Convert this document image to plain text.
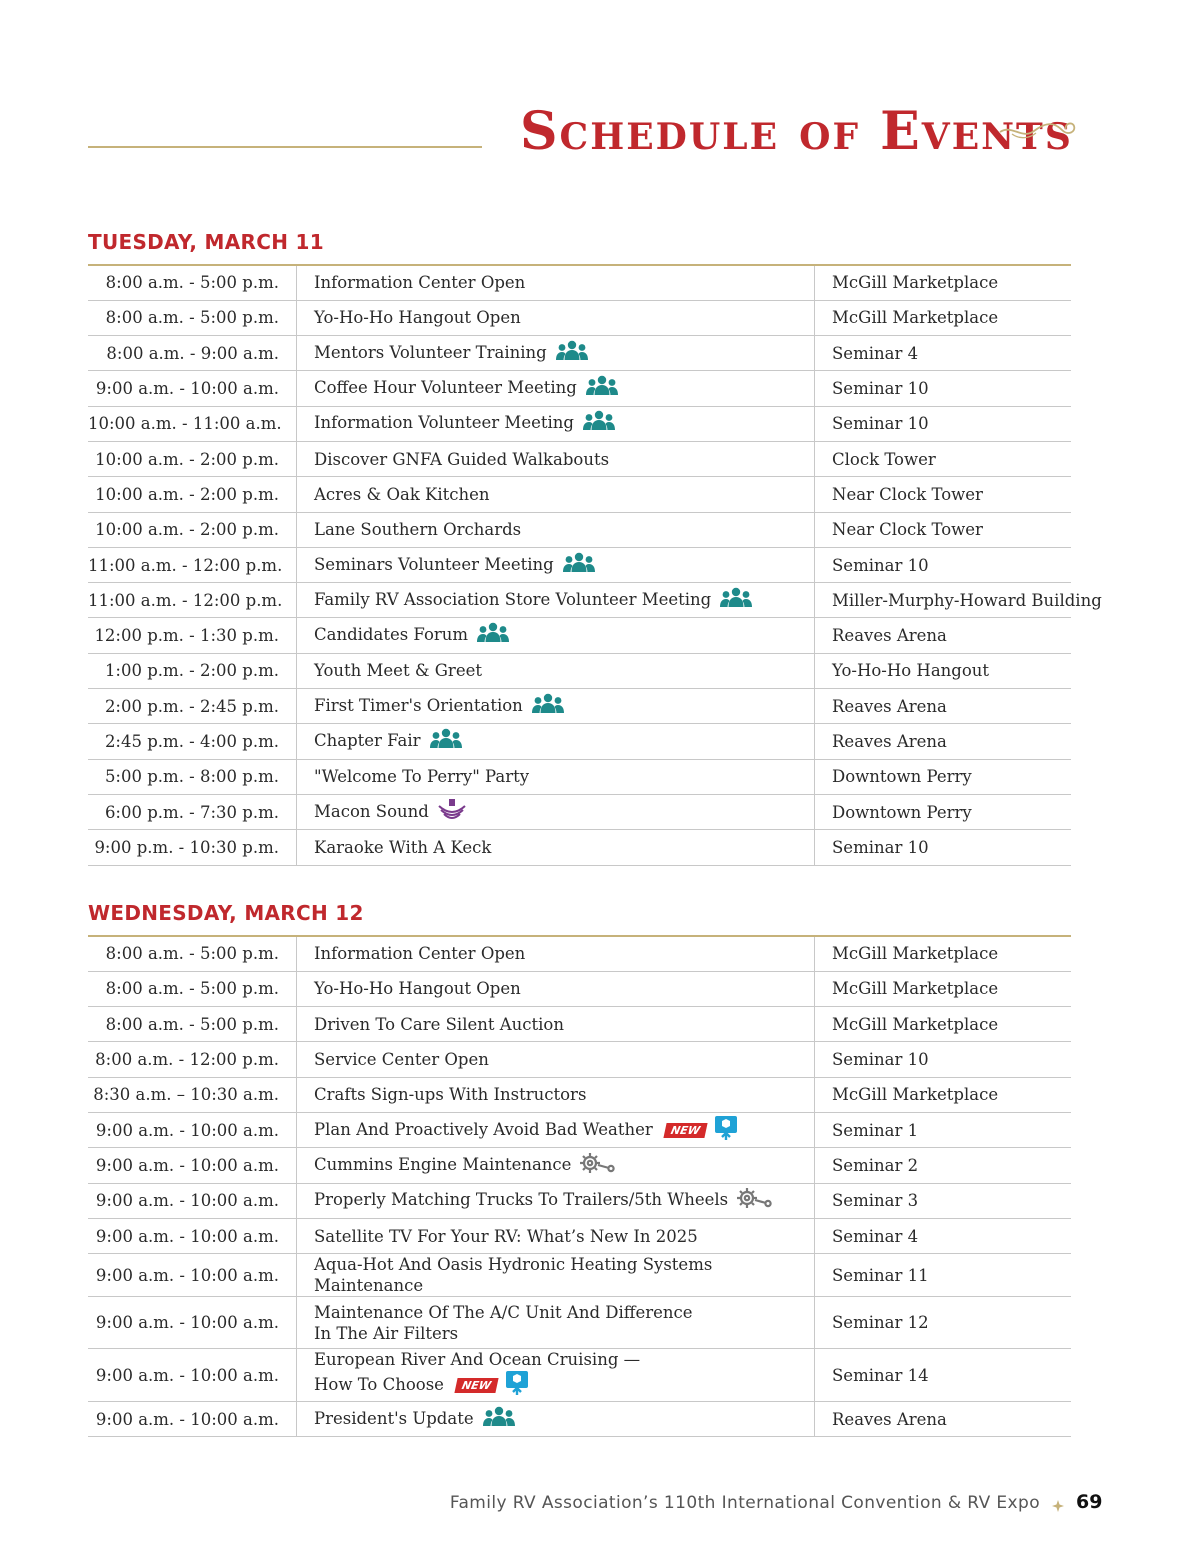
Schedule of Events
TUESDAY, MARCH 11
8:00 a.m. - 5:00 p.m.	Information Center Open	McGill Marketplace
8:00 a.m. - 5:00 p.m.	Yo-Ho-Ho Hangout Open	McGill Marketplace
8:00 a.m. - 9:00 a.m.	Mentors Volunteer Training	Seminar 4
9:00 a.m. - 10:00 a.m.	Coffee Hour Volunteer Meeting	Seminar 10
10:00 a.m. - 11:00 a.m.	Information Volunteer Meeting	Seminar 10
10:00 a.m. - 2:00 p.m.	Discover GNFA Guided Walkabouts	Clock Tower
10:00 a.m. - 2:00 p.m.	Acres & Oak Kitchen	Near Clock Tower
10:00 a.m. - 2:00 p.m.	Lane Southern Orchards	Near Clock Tower
11:00 a.m. - 12:00 p.m.	Seminars Volunteer Meeting	Seminar 10
11:00 a.m. - 12:00 p.m.	Family RV Association Store Volunteer Meeting	Miller-Murphy-Howard Building
12:00 p.m. - 1:30 p.m.	Candidates Forum	Reaves Arena
1:00 p.m. - 2:00 p.m.	Youth Meet & Greet	Yo-Ho-Ho Hangout
2:00 p.m. - 2:45 p.m.	First Timer's Orientation	Reaves Arena
2:45 p.m. - 4:00 p.m.	Chapter Fair	Reaves Arena
5:00 p.m. - 8:00 p.m.	"Welcome To Perry" Party	Downtown Perry
6:00 p.m. - 7:30 p.m.	Macon Sound	Downtown Perry
9:00 p.m. - 10:30 p.m.	Karaoke With A Keck	Seminar 10
WEDNESDAY, MARCH 12
8:00 a.m. - 5:00 p.m.	Information Center Open	McGill Marketplace
8:00 a.m. - 5:00 p.m.	Yo-Ho-Ho Hangout Open	McGill Marketplace
8:00 a.m. - 5:00 p.m.	Driven To Care Silent Auction	McGill Marketplace
8:00 a.m. - 12:00 p.m.	Service Center Open	Seminar 10
8:30 a.m. – 10:30 a.m.	Crafts Sign-ups With Instructors	McGill Marketplace
9:00 a.m. - 10:00 a.m.	Plan And Proactively Avoid Bad Weather NEW	Seminar 1
9:00 a.m. - 10:00 a.m.	Cummins Engine Maintenance	Seminar 2
9:00 a.m. - 10:00 a.m.	Properly Matching Trucks To Trailers/5th Wheels	Seminar 3
9:00 a.m. - 10:00 a.m.	Satellite TV For Your RV: What’s New In 2025	Seminar 4
9:00 a.m. - 10:00 a.m.	Aqua-Hot And Oasis Hydronic Heating Systems Maintenance	Seminar 11
9:00 a.m. - 10:00 a.m.	Maintenance Of The A/C Unit And Difference
In The Air Filters	Seminar 12
9:00 a.m. - 10:00 a.m.	European River And Ocean Cruising —
How To Choose NEW	Seminar 14
9:00 a.m. - 10:00 a.m.	President's Update	Reaves Arena
Family RV Association’s 110th International Convention & RV Expo 69
